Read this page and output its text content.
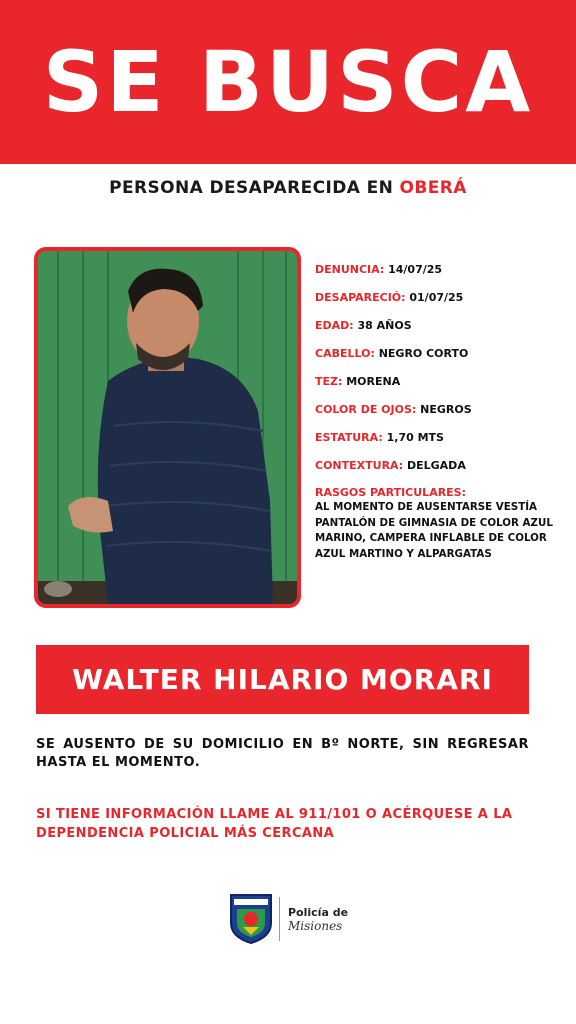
SE BUSCA
PERSONA DESAPARECIDA EN OBERÁ
DENUNCIA: 14/07/25
DESAPARECIÓ: 01/07/25
EDAD: 38 AÑOS
CABELLO: NEGRO CORTO
TEZ: MORENA
COLOR DE OJOS: NEGROS
ESTATURA: 1,70 MTS
CONTEXTURA: DELGADA
RASGOS PARTICULARES:
AL MOMENTO DE AUSENTARSE VESTÍA
PANTALÓN DE GIMNASIA DE COLOR AZUL
MARINO, CAMPERA INFLABLE DE COLOR
AZUL MARTINO Y ALPARGATAS
WALTER HILARIO MORARI
SE AUSENTO DE SU DOMICILIO EN Bº NORTE, SIN REGRESAR HASTA EL MOMENTO.
SI TIENE INFORMACIÓN LLAME AL 911/101 O ACÉRQUESE A LA
DEPENDENCIA POLICIAL MÁS CERCANA
Policía de
Misiones
